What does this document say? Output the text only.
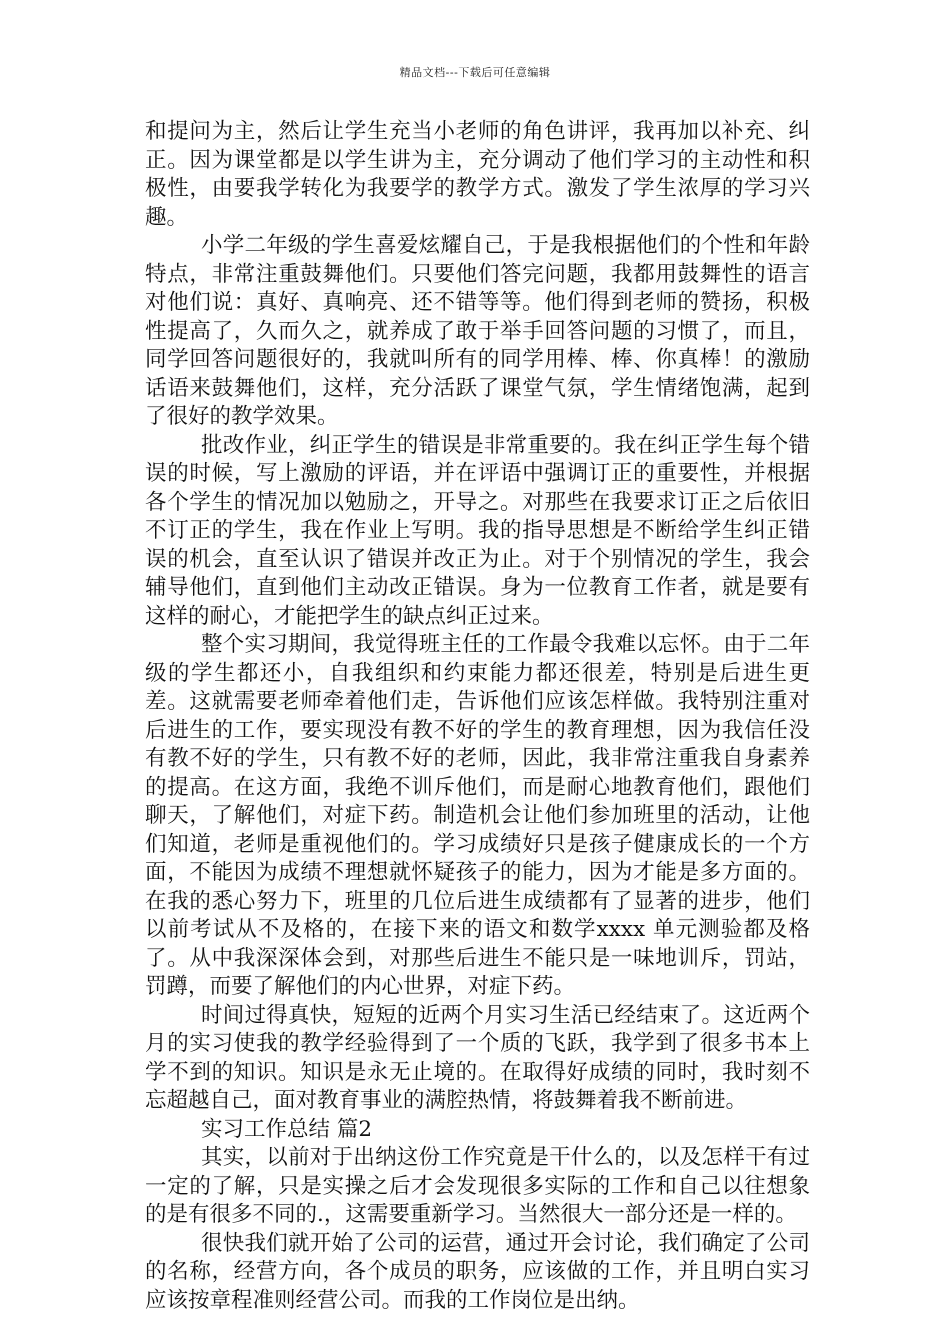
精品文档---下载后可任意编辑

和提问为主，然后让学生充当小老师的角色讲评，我再加以补充、纠正。因为课堂都是以学生讲为主，充分调动了他们学习的主动性和积极性，由要我学转化为我要学的教学方式。激发了学生浓厚的学习兴趣。

小学二年级的学生喜爱炫耀自己，于是我根据他们的个性和年龄特点，非常注重鼓舞他们。只要他们答完问题，我都用鼓舞性的语言对他们说：真好、真响亮、还不错等等。他们得到老师的赞扬，积极性提高了，久而久之，就养成了敢于举手回答问题的习惯了，而且，同学回答问题很好的，我就叫所有的同学用棒、棒、你真棒！的激励话语来鼓舞他们，这样，充分活跃了课堂气氛，学生情绪饱满，起到了很好的教学效果。

批改作业，纠正学生的错误是非常重要的。我在纠正学生每个错误的时候，写上激励的评语，并在评语中强调订正的重要性，并根据各个学生的情况加以勉励之，开导之。对那些在我要求订正之后依旧不订正的学生，我在作业上写明。我的指导思想是不断给学生纠正错误的机会，直至认识了错误并改正为止。对于个别情况的学生，我会辅导他们，直到他们主动改正错误。身为一位教育工作者，就是要有这样的耐心，才能把学生的缺点纠正过来。

整个实习期间，我觉得班主任的工作最令我难以忘怀。由于二年级的学生都还小，自我组织和约束能力都还很差，特别是后进生更差。这就需要老师牵着他们走，告诉他们应该怎样做。我特别注重对后进生的工作，要实现没有教不好的学生的教育理想，因为我信任没有教不好的学生，只有教不好的老师，因此，我非常注重我自身素养的提高。在这方面，我绝不训斥他们，而是耐心地教育他们，跟他们聊天，了解他们，对症下药。制造机会让他们参加班里的活动，让他们知道，老师是重视他们的。学习成绩好只是孩子健康成长的一个方面，不能因为成绩不理想就怀疑孩子的能力，因为才能是多方面的。在我的悉心努力下，班里的几位后进生成绩都有了显著的进步，他们以前考试从不及格的，在接下来的语文和数学xxxx 单元测验都及格了。从中我深深体会到，对那些后进生不能只是一味地训斥，罚站，罚蹲，而要了解他们的内心世界，对症下药。

时间过得真快，短短的近两个月实习生活已经结束了。这近两个月的实习使我的教学经验得到了一个质的飞跃，我学到了很多书本上学不到的知识。知识是永无止境的。在取得好成绩的同时，我时刻不忘超越自己，面对教育事业的满腔热情，将鼓舞着我不断前进。

实习工作总结 篇2

其实，以前对于出纳这份工作究竟是干什么的，以及怎样干有过一定的了解，只是实操之后才会发现很多实际的工作和自己以往想象的是有很多不同的.，这需要重新学习。当然很大一部分还是一样的。

很快我们就开始了公司的运营，通过开会讨论，我们确定了公司的名称，经营方向，各个成员的职务，应该做的工作，并且明白实习应该按章程准则经营公司。而我的工作岗位是出纳。
